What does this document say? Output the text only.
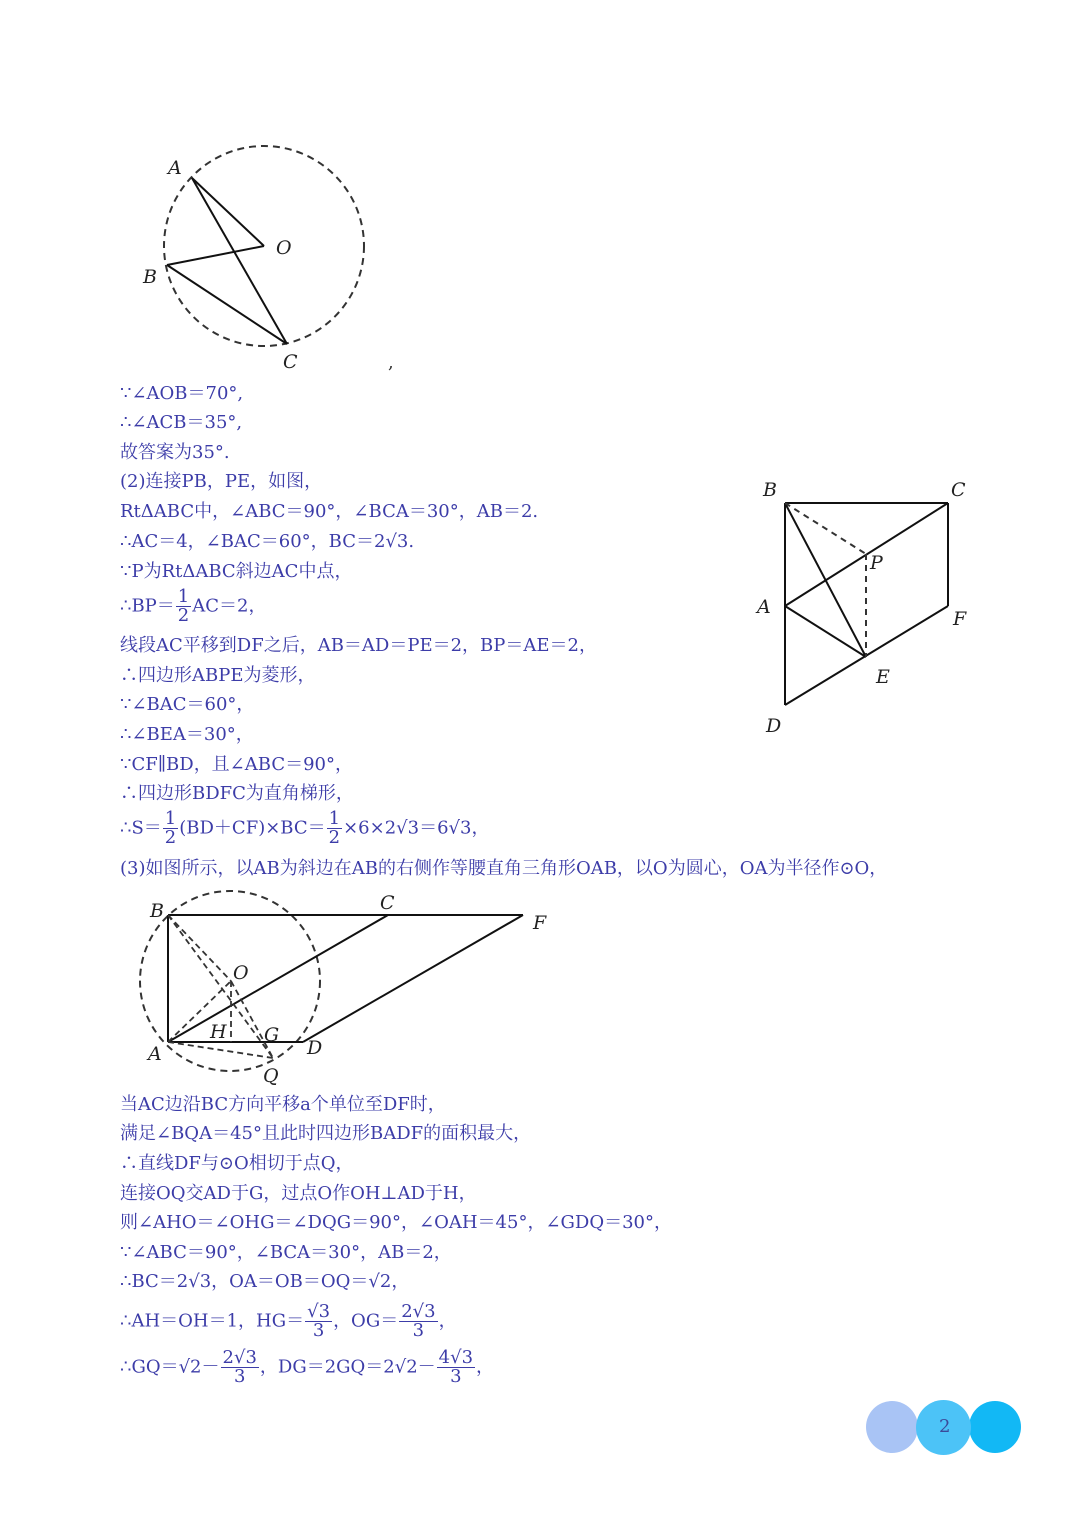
A
O
B
C	,
B	C
P
A
F
E
D
∵∠AOB＝70°,
∴∠ACB＝35°,
故答案为35°.
(2)连接PB，PE，如图，
RtΔABC中，∠ABC＝90°，∠BCA＝30°，AB＝2.
∴AC＝4，∠BAC＝60°，BC＝2√3.
∵P为RtΔABC斜边AC中点，
∴BP＝ $\frac{1}{2} AC=2$，
线段AC平移到DF之后，AB＝AD＝PE＝2，BP＝AE＝2，
∴四边形ABPE为菱形，
∵∠BAC＝60°，
∴∠BEA＝30°，
∵CF∥BD，且∠ABC＝90°，
∴四边形BDFC为直角梯形，
∴S＝ $\frac{1}{2} (BD+CF)\times BC= \frac{1}{2} \times 6\times 2√3=6√3$，
(3)如图所示，以AB为斜边在AB的右侧作等腰直角三角形OAB，以O为圆心，OA为半径作⊙O，
B	C
F
O
H G
A	D
Q
当AC边沿BC方向平移a个单位至DF时，
满足∠BQA＝45°且此时四边形BADF的面积最大，
∴直线DF与⊙O相切于点Q，
连接OQ交AD于G，过点O作OH⊥AD于H，
则∠AHO＝∠OHG＝∠DQG＝90°，∠OAH＝45°，∠GDQ＝30°，
∵∠ABC＝90°，∠BCA＝30°，AB＝2，
∴BC＝2√3，OA＝OB＝OQ＝√2，
∴AH＝OH＝1，$HG= \frac{√3}{3}$ ，$OG= \frac{2√3}{3}$ ，
∴GQ＝√2－ $\frac{2√3}{3}$ ，$DG=2GQ=2√2- \frac{4√3}{3}$ ，
2
